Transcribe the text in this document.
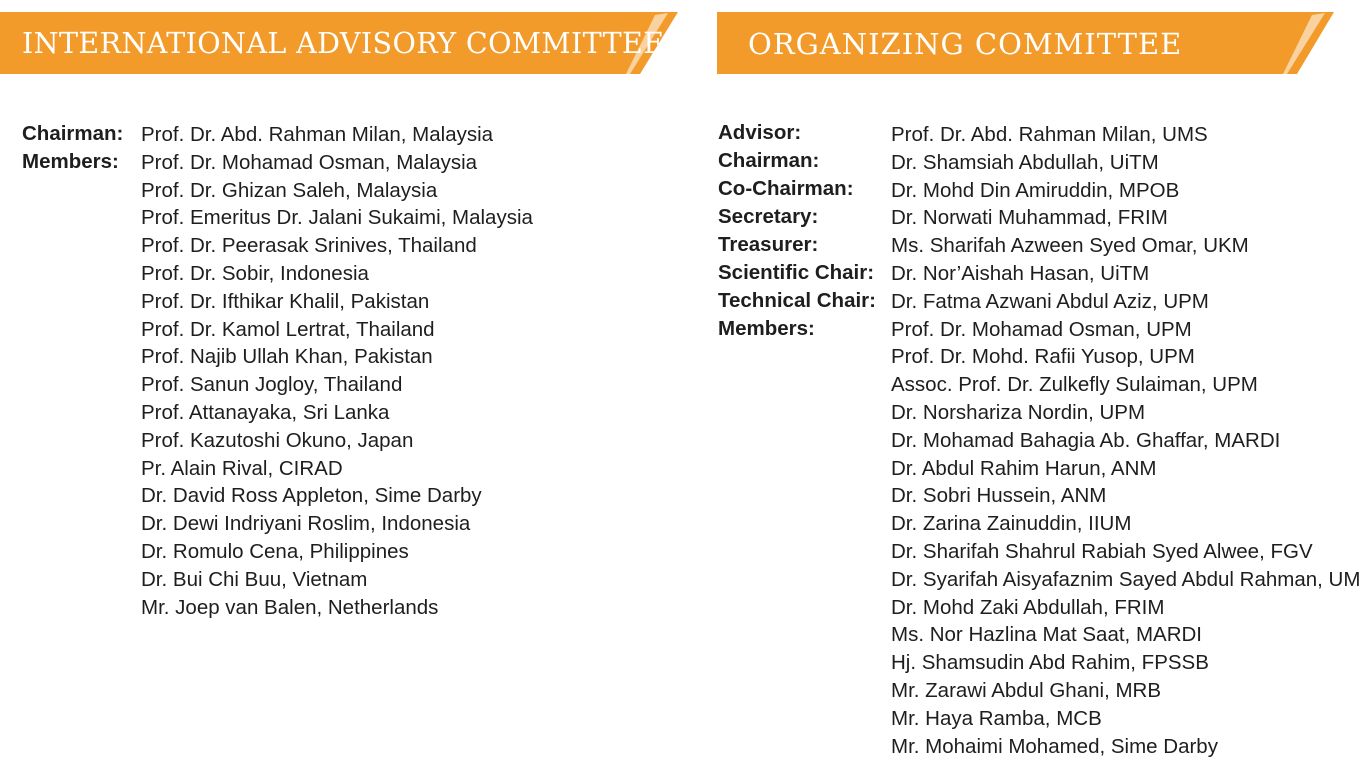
INTERNATIONAL ADVISORY COMMITTEE	ORGANIZING COMMITTEE
Chairman:
Members:
Prof. Dr. Abd. Rahman Milan, Malaysia
Prof. Dr. Mohamad Osman, Malaysia
Prof. Dr. Ghizan Saleh, Malaysia
Prof. Emeritus Dr. Jalani Sukaimi, Malaysia
Prof. Dr. Peerasak Srinives, Thailand
Prof. Dr. Sobir, Indonesia
Prof. Dr. Ifthikar Khalil, Pakistan
Prof. Dr. Kamol Lertrat, Thailand
Prof. Najib Ullah Khan, Pakistan
Prof. Sanun Jogloy, Thailand
Prof. Attanayaka, Sri Lanka
Prof. Kazutoshi Okuno, Japan
Pr. Alain Rival, CIRAD
Dr. David Ross Appleton, Sime Darby
Dr. Dewi Indriyani Roslim, Indonesia
Dr. Romulo Cena, Philippines
Dr. Bui Chi Buu, Vietnam
Mr. Joep van Balen, Netherlands
Advisor:
Chairman:
Co-Chairman:
Secretary:
Treasurer:
Scientific Chair:
Technical Chair:
Members:
Prof. Dr. Abd. Rahman Milan, UMS
Dr. Shamsiah Abdullah, UiTM
Dr. Mohd Din Amiruddin, MPOB
Dr. Norwati Muhammad, FRIM
Ms. Sharifah Azween Syed Omar, UKM
Dr. Nor’Aishah Hasan, UiTM
Dr. Fatma Azwani Abdul Aziz, UPM
Prof. Dr. Mohamad Osman, UPM
Prof. Dr. Mohd. Rafii Yusop, UPM
Assoc. Prof. Dr. Zulkefly Sulaiman, UPM
Dr. Norshariza Nordin, UPM
Dr. Mohamad Bahagia Ab. Ghaffar, MARDI
Dr. Abdul Rahim Harun, ANM
Dr. Sobri Hussein, ANM
Dr. Zarina Zainuddin, IIUM
Dr. Sharifah Shahrul Rabiah Syed Alwee, FGV
Dr. Syarifah Aisyafaznim Sayed Abdul Rahman, UM
Dr. Mohd Zaki Abdullah, FRIM
Ms. Nor Hazlina Mat Saat, MARDI
Hj. Shamsudin Abd Rahim, FPSSB
Mr. Zarawi Abdul Ghani, MRB
Mr. Haya Ramba, MCB
Mr. Mohaimi Mohamed, Sime Darby
